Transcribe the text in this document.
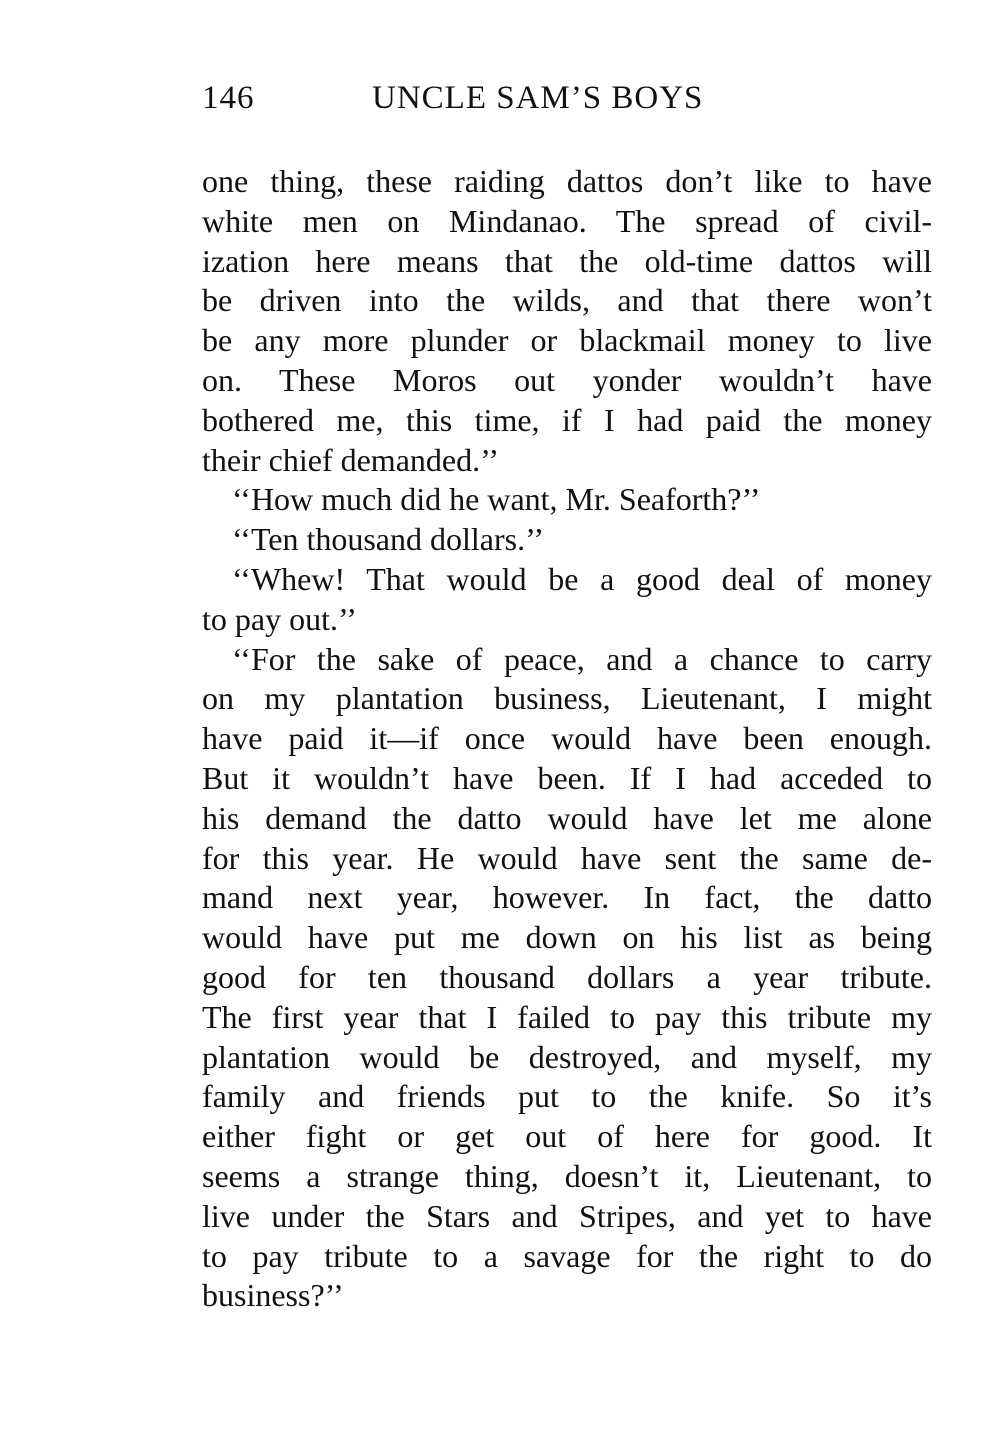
146	UNCLE SAM’S BOYS
one thing, these raiding dattos don’t like to have
white men on Mindanao. The spread of civil-
ization here means that the old-time dattos will
be driven into the wilds, and that there won’t
be any more plunder or blackmail money to live
on. These Moros out yonder wouldn’t have
bothered me, this time, if I had paid the money
their chief demanded.’’
‘‘How much did he want, Mr. Seaforth?’’
‘‘Ten thousand dollars.’’
‘‘Whew! That would be a good deal of money
to pay out.’’
‘‘For the sake of peace, and a chance to carry
on my plantation business, Lieutenant, I might
have paid it—if once would have been enough.
But it wouldn’t have been. If I had acceded to
his demand the datto would have let me alone
for this year. He would have sent the same de-
mand next year, however. In fact, the datto
would have put me down on his list as being
good for ten thousand dollars a year tribute.
The first year that I failed to pay this tribute my
plantation would be destroyed, and myself, my
family and friends put to the knife. So it’s
either fight or get out of here for good. It
seems a strange thing, doesn’t it, Lieutenant, to
live under the Stars and Stripes, and yet to have
to pay tribute to a savage for the right to do
business?’’
